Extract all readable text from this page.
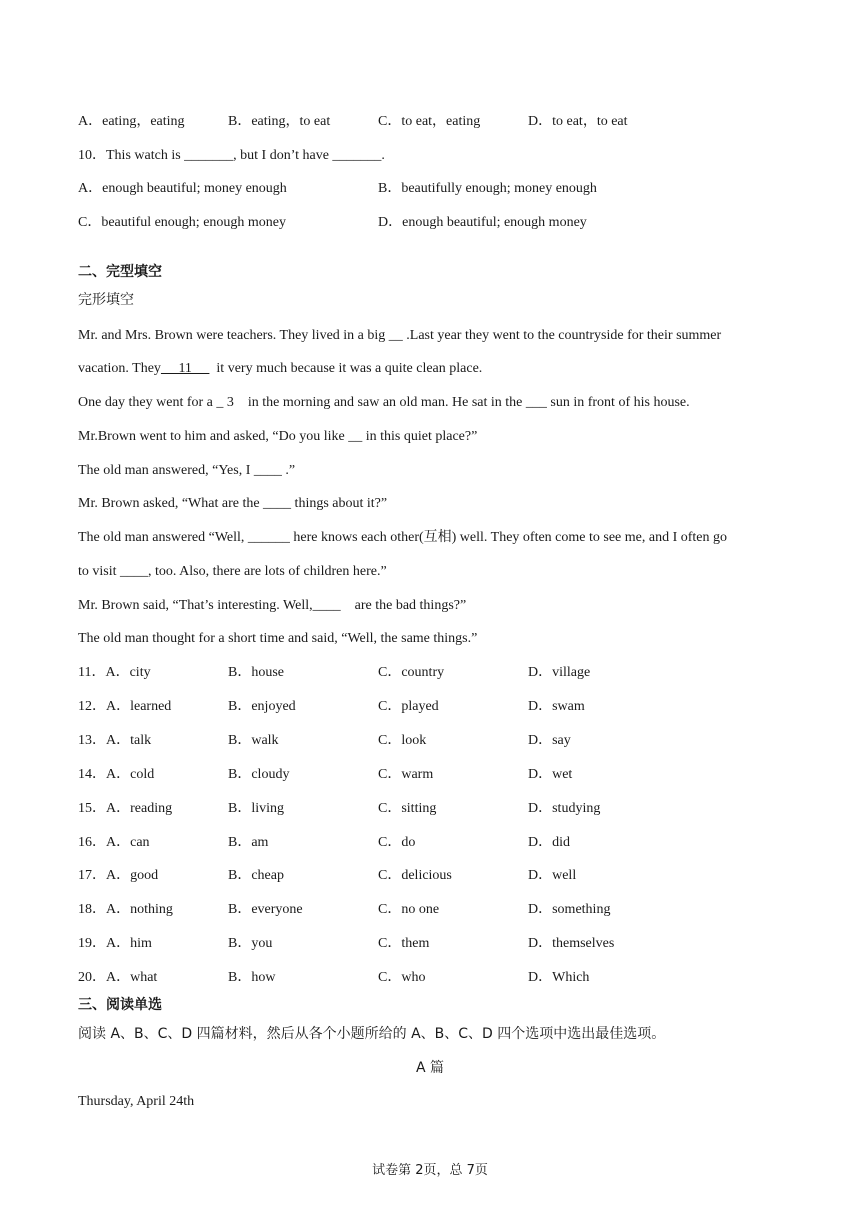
A．eating，eating	B．eating，to eat	C．to eat，eating	D．to eat，to eat
10．This watch is _______, but I don’t have _______.
A．enough beautiful; money enough	B．beautifully enough; money enough
C．beautiful enough; enough money	D．enough beautiful; enough money
二、完型填空
完形填空
Mr. and Mrs. Brown were teachers. They lived in a big __ .Last year they went to the countryside for their summer
vacation. They     11       it very much because it was a quite clean place.
One day they went for a _ 3    in the morning and saw an old man. He sat in the ___ sun in front of his house.
Mr.Brown went to him and asked, “Do you like __ in this quiet place?”
The old man answered, “Yes, I ____ .”
Mr. Brown asked, “What are the ____ things about it?”
The old man answered “Well, ______ here knows each other(互相) well. They often come to see me, and I often go
to visit ____, too. Also, there are lots of children here.”
Mr. Brown said, “That’s interesting. Well,____    are the bad things?”
The old man thought for a short time and said, “Well, the same things.”
11．A．city	B．house	C．country	D．village
12．A．learned	B．enjoyed	C．played	D．swam
13．A．talk	B．walk	C．look	D．say
14．A．cold	B．cloudy	C．warm	D．wet
15．A．reading	B．living	C．sitting	D．studying
16．A．can	B．am	C．do	D．did
17．A．good	B．cheap	C．delicious	D．well
18．A．nothing	B．everyone	C．no one	D．something
19．A．him	B．you	C．them	D．themselves
20．A．what	B．how	C．who	D．Which
三、阅读单选
阅读 A、B、C、D 四篇材料，然后从各个小题所给的 A、B、C、D 四个选项中选出最佳选项。
A 篇
Thursday, April 24th
试卷第 2页，总 7页
